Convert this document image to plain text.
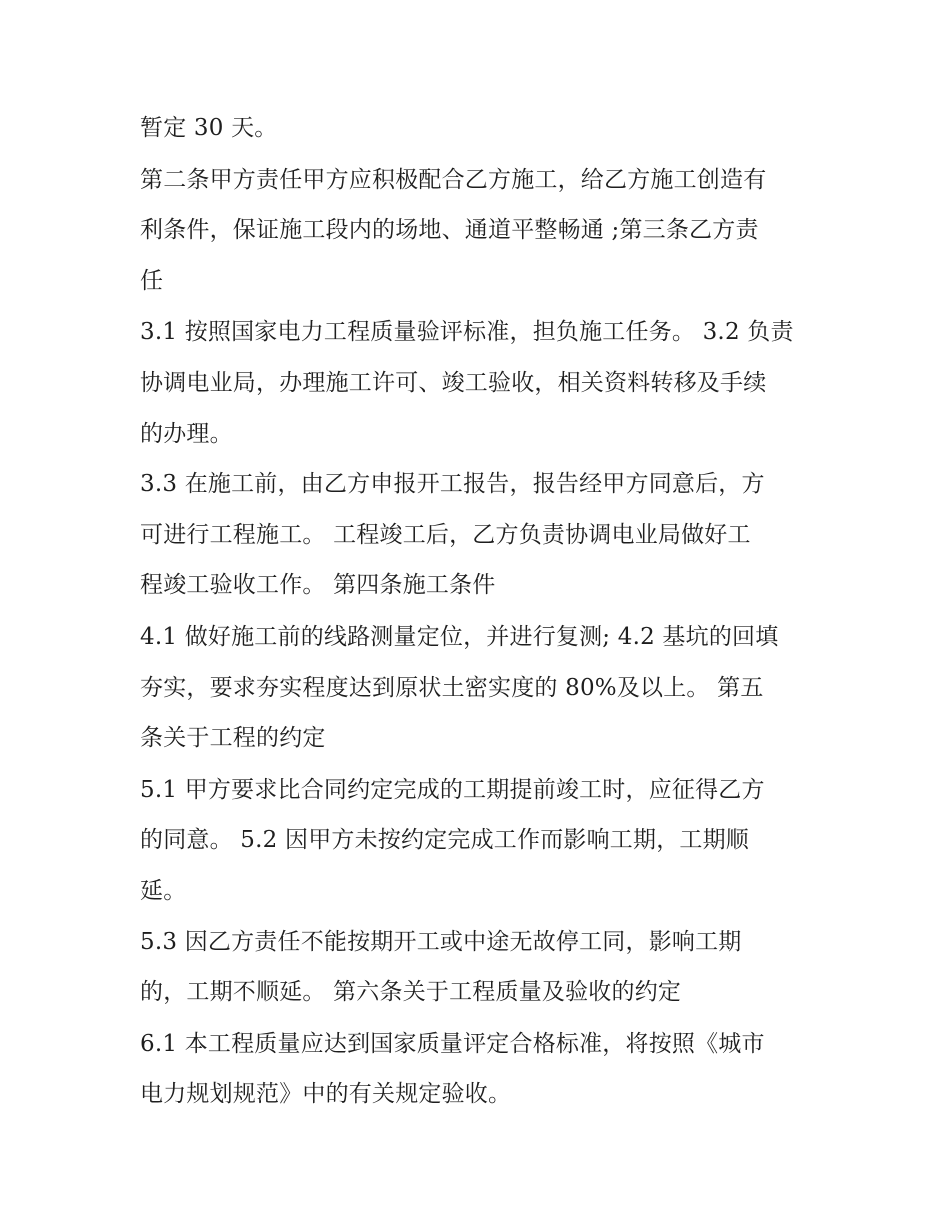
暂定 30 天。
第二条甲方责任甲方应积极配合乙方施工，给乙方施工创造有
利条件，保证施工段内的场地、通道平整畅通 ;第三条乙方责
任
3.1 按照国家电力工程质量验评标准，担负施工任务。 3.2 负责
协调电业局，办理施工许可、竣工验收，相关资料转移及手续
的办理。
3.3 在施工前，由乙方申报开工报告，报告经甲方同意后，方
可进行工程施工。 工程竣工后，乙方负责协调电业局做好工
程竣工验收工作。 第四条施工条件
4.1 做好施工前的线路测量定位，并进行复测; 4.2 基坑的回填
夯实，要求夯实程度达到原状土密实度的 80%及以上。 第五
条关于工程的约定
5.1 甲方要求比合同约定完成的工期提前竣工时，应征得乙方
的同意。 5.2 因甲方未按约定完成工作而影响工期，工期顺
延。
5.3 因乙方责任不能按期开工或中途无故停工同，影响工期
的，工期不顺延。 第六条关于工程质量及验收的约定
6.1 本工程质量应达到国家质量评定合格标准，将按照《城市
电力规划规范》中的有关规定验收。
